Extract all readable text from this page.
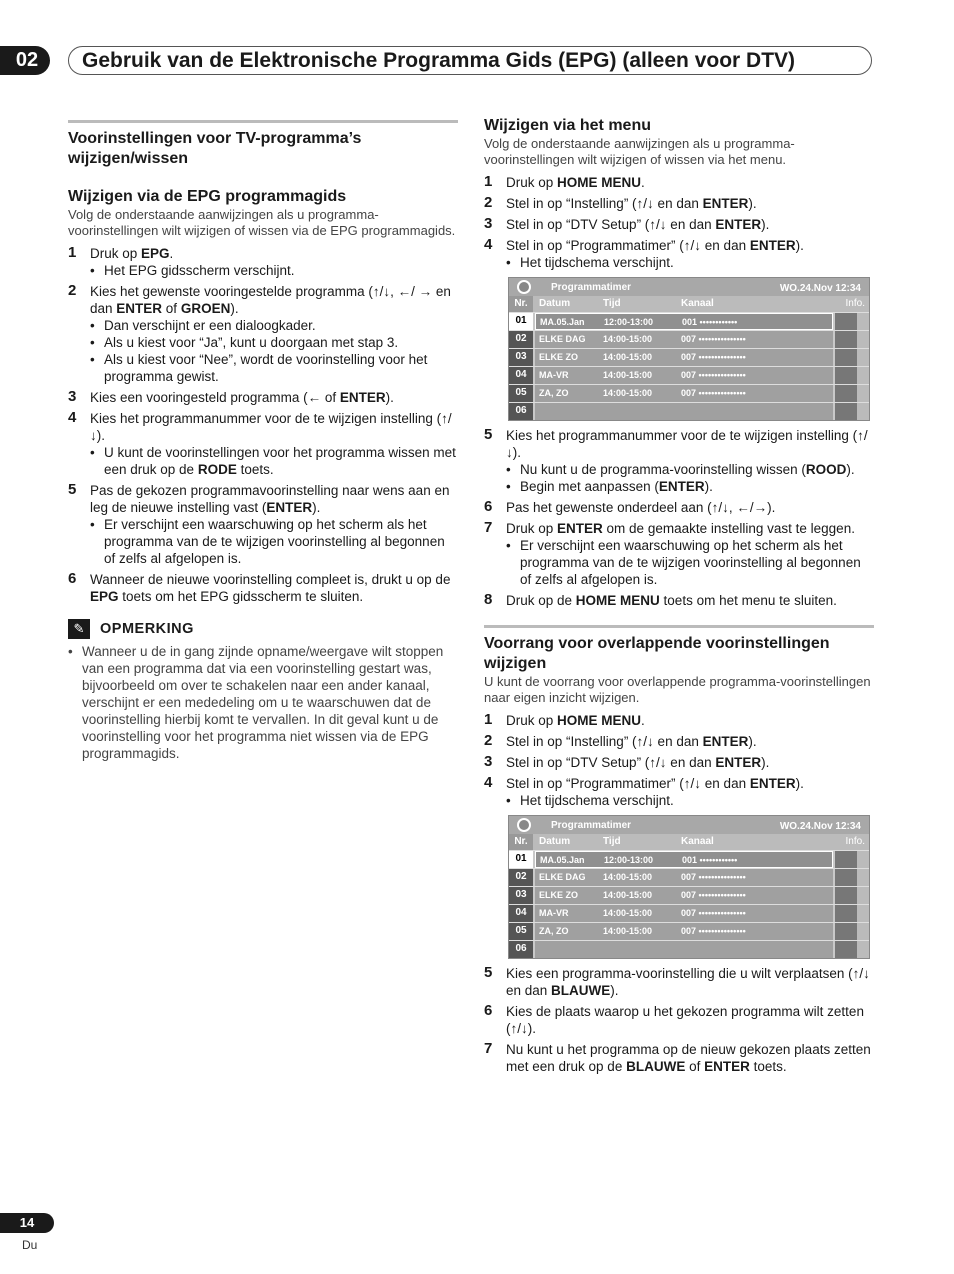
02	Gebruik van de Elektronische Programma Gids (EPG) (alleen voor DTV)
Voorinstellingen voor TV-programma’s wijzigen/wissen
Wijzigen via de EPG programmagids

Volg de onderstaande aanwijzingen als u programma-voorinstellingen wilt wijzigen of wissen via de EPG programmagids.

1 Druk op EPG.
• Het EPG gidsscherm verschijnt.
2 Kies het gewenste vooringestelde programma (↑/↓, ←/ → en dan ENTER of GROEN).
• Dan verschijnt er een dialoogkader.
• Als u kiest voor “Ja”, kunt u doorgaan met stap 3.
• Als u kiest voor “Nee”, wordt de voorinstelling voor het programma gewist.
3 Kies een vooringesteld programma (← of ENTER).
4 Kies het programmanummer voor de te wijzigen instelling (↑/↓).
• U kunt de voorinstellingen voor het programma wissen met een druk op de RODE toets.
5 Pas de gekozen programmavoorinstelling naar wens aan en leg de nieuwe instelling vast (ENTER).
• Er verschijnt een waarschuwing op het scherm als het programma van de te wijzigen voorinstelling al begonnen of zelfs al afgelopen is.
6 Wanneer de nieuwe voorinstelling compleet is, drukt u op de EPG toets om het EPG gidsscherm te sluiten.
✎	OPMERKING
• Wanneer u de in gang zijnde opname/weergave wilt stoppen van een programma dat via een voorinstelling gestart was, bijvoorbeeld om over te schakelen naar een ander kanaal, verschijnt er een mededeling om u te waarschuwen dat de voorinstelling hierbij komt te vervallen. In dit geval kunt u de voorinstelling voor het programma niet wissen via de EPG programmagids.
Wijzigen via het menu

Volg de onderstaande aanwijzingen als u programma-voorinstellingen wilt wijzigen of wissen via het menu.

1 Druk op HOME MENU.
2 Stel in op “Instelling” (↑/↓ en dan ENTER).
3 Stel in op “DTV Setup” (↑/↓ en dan ENTER).
4 Stel in op “Programmatimer” (↑/↓ en dan ENTER).
• Het tijdschema verschijnt.
Programmatimer	WO.24.Nov 12:34
Nr.	Datum	Tijd	Kanaal	Info.
01	MA.05.Jan	12:00-13:00	001 ••••••••••••
02	ELKE DAG	14:00-15:00	007 •••••••••••••••
03	ELKE ZO	14:00-15:00	007 •••••••••••••••
04	MA-VR	14:00-15:00	007 •••••••••••••••
05	ZA, ZO	14:00-15:00	007 •••••••••••••••
06
5 Kies het programmanummer voor de te wijzigen instelling (↑/↓).
• Nu kunt u de programma-voorinstelling wissen (ROOD).
• Begin met aanpassen (ENTER).
6 Pas het gewenste onderdeel aan (↑/↓, ←/→).
7 Druk op ENTER om de gemaakte instelling vast te leggen.
• Er verschijnt een waarschuwing op het scherm als het programma van de te wijzigen voorinstelling al begonnen of zelfs al afgelopen is.
8 Druk op de HOME MENU toets om het menu te sluiten.
Voorrang voor overlappende voorinstellingen wijzigen

U kunt de voorrang voor overlappende programma-voorinstellingen naar eigen inzicht wijzigen.

1 Druk op HOME MENU.
2 Stel in op “Instelling” (↑/↓ en dan ENTER).
3 Stel in op “DTV Setup” (↑/↓ en dan ENTER).
4 Stel in op “Programmatimer” (↑/↓ en dan ENTER).
• Het tijdschema verschijnt.
Programmatimer	WO.24.Nov 12:34
Nr.	Datum	Tijd	Kanaal	Info.
01	MA.05.Jan	12:00-13:00	001 ••••••••••••
02	ELKE DAG	14:00-15:00	007 •••••••••••••••
03	ELKE ZO	14:00-15:00	007 •••••••••••••••
04	MA-VR	14:00-15:00	007 •••••••••••••••
05	ZA, ZO	14:00-15:00	007 •••••••••••••••
06
5 Kies een programma-voorinstelling die u wilt verplaatsen (↑/↓ en dan BLAUWE).
6 Kies de plaats waarop u het gekozen programma wilt zetten (↑/↓).
7 Nu kunt u het programma op de nieuw gekozen plaats zetten met een druk op de BLAUWE of ENTER toets.
14
Du
